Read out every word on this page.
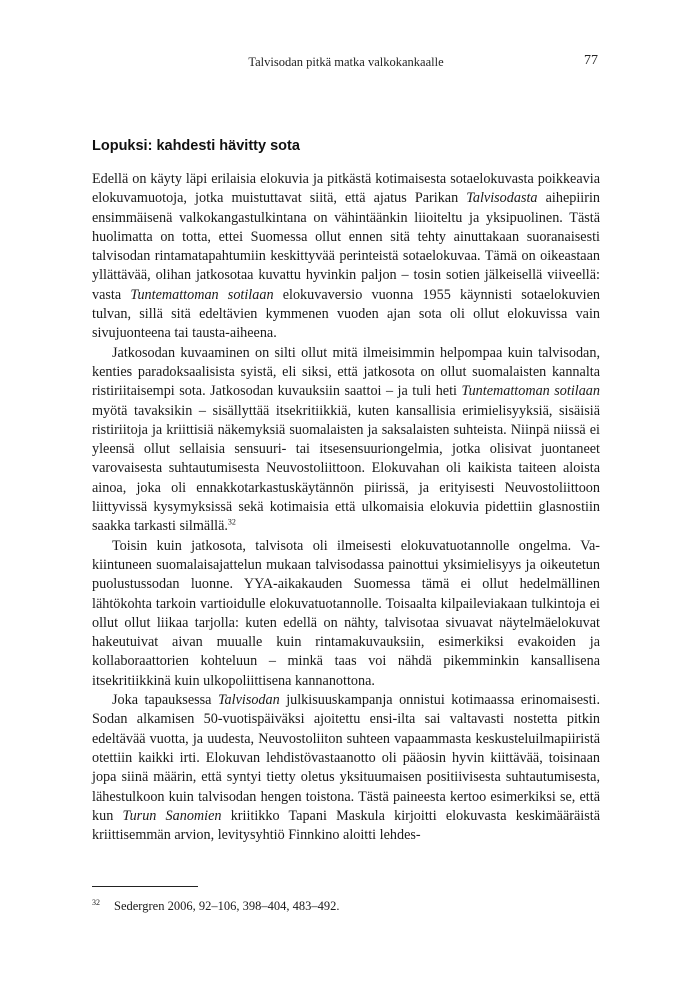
Talvisodan pitkä matka valkokankaalle	77
Lopuksi: kahdesti hävitty sota

Edellä on käyty läpi erilaisia elokuvia ja pitkästä kotimaisesta sotaelokuvasta poikkeavia elokuvamuotoja, jotka muistuttavat siitä, että ajatus Parikan Talvisodasta aihepiirin ensimmäisenä valkokangastulkintana on vähintäänkin liioiteltu ja yksipuolinen. Tästä huolimatta on totta, ettei Suomessa ollut ennen sitä tehty ainuttakaan suoranaisesti talvisodan rintamatapahtumiin keskittyvää perinteistä sotaelokuvaa. Tämä on oikeastaan yllättävää, olihan jatkosotaa kuvattu hyvinkin paljon – tosin sotien jälkeisellä viiveellä: vasta Tuntemattoman sotilaan elokuvaversio vuonna 1955 käynnisti sotaelokuvien tulvan, sillä sitä edeltävien kymmenen vuoden ajan sota oli ollut elokuvissa vain sivujuonteena tai tausta-aiheena.

Jatkosodan kuvaaminen on silti ollut mitä ilmeisimmin helpompaa kuin talvisodan, kenties paradoksaalisista syistä, eli siksi, että jatkosota on ollut suomalaisten kannalta ristiriitaisempi sota. Jatkosodan kuvauksiin saattoi – ja tuli heti Tuntemattoman sotilaan myötä tavaksikin – sisällyttää itsekritiikkiä, kuten kansallisia erimielisyyksiä, sisäisiä ristiriitoja ja kriittisiä näkemyksiä suomalaisten ja saksalaisten suhteista. Niinpä niissä ei yleensä ollut sellaisia sensuuri- tai itsesensuuriongelmia, jotka olisivat juontaneet varovaisesta suhtautumisesta Neuvostoliittoon. Elokuvahan oli kaikista taiteen aloista ainoa, joka oli ennakkotarkastuskäytännön piirissä, ja erityisesti Neuvostoliittoon liittyvissä kysymyksissä sekä kotimaisia että ulkomaisia elokuvia pidettiin glasnostiin saakka tarkasti silmällä.$^{32}$

Toisin kuin jatkosota, talvisota oli ilmeisesti elokuvatuotannolle ongelma. Vakiintuneen suomalaisajattelun mukaan talvisodassa painottui yksimielisyys ja oikeutetun puolustussodan luonne. YYA-aikakauden Suomessa tämä ei ollut hedelmällinen lähtökohta tarkoin vartioidulle elokuvatuotannolle. Toisaalta kilpaileviakaan tulkintoja ei ollut ollut liikaa tarjolla: kuten edellä on nähty, talvisotaa sivuavat näytelmäelokuvat hakeutuivat aivan muualle kuin rintamakuvauksiin, esimerkiksi evakoiden ja kollaboraattorien kohteluun – minkä taas voi nähdä pikemminkin kansallisena itsekritiikkinä kuin ulkopoliittisena kannanottona.

Joka tapauksessa Talvisodan julkisuuskampanja onnistui kotimaassa erinomaisesti. Sodan alkamisen 50-vuotispäiväksi ajoitettu ensi-ilta sai valtavasti nostetta pitkin edeltävää vuotta, ja uudesta, Neuvostoliiton suhteen vapaammasta keskusteluilmapiiristä otettiin kaikki irti. Elokuvan lehdistövastaanotto oli pääosin hyvin kiittävää, toisinaan jopa siinä määrin, että syntyi tietty oletus yksituumaisen positiivisesta suhtautumisesta, lähestulkoon kuin talvisodan hengen toistona. Tästä paineesta kertoo esimerkiksi se, että kun Turun Sanomien kriitikko Tapani Maskula kirjoitti elokuvasta keskimääräistä kriittisemmän arvion, levitysyhtiö Finnkino aloitti lehdes-

$^{32}$ Sedergren 2006, 92–106, 398–404, 483–492.
